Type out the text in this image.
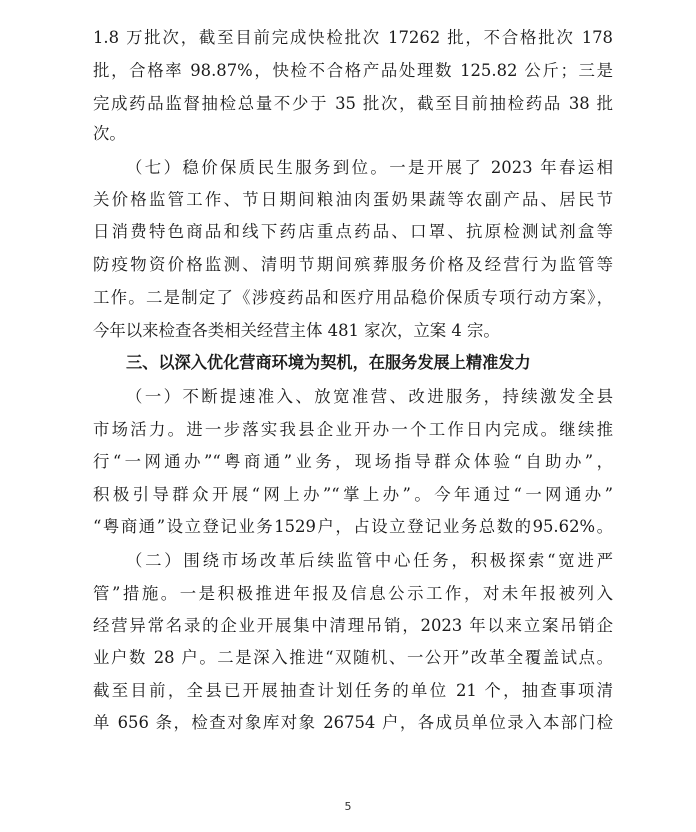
1.8 万批次，截至目前完成快检批次 17262 批，不合格批次 178
批，合格率 98.87%，快检不合格产品处理数 125.82 公斤；三是
完成药品监督抽检总量不少于 35 批次，截至目前抽检药品 38 批
次。
（七）稳价保质民生服务到位。一是开展了 2023 年春运相
关价格监管工作、节日期间粮油肉蛋奶果蔬等农副产品、居民节
日消费特色商品和线下药店重点药品、口罩、抗原检测试剂盒等
防疫物资价格监测、清明节期间殡葬服务价格及经营行为监管等
工作。二是制定了《涉疫药品和医疗用品稳价保质专项行动方案》，
今年以来检查各类相关经营主体 481 家次，立案 4 宗。
三、以深入优化营商环境为契机，在服务发展上精准发力
（一）不断提速准入、放宽准营、改进服务，持续激发全县
市场活力。进一步落实我县企业开办一个工作日内完成。继续推
行“一网通办”“粤商通”业务，现场指导群众体验“自助办”，
积极引导群众开展“网上办”“掌上办”。今年通过“一网通办”
“粤商通”设立登记业务1529户，占设立登记业务总数的95.62%。
（二）围绕市场改革后续监管中心任务，积极探索“宽进严
管”措施。一是积极推进年报及信息公示工作，对未年报被列入
经营异常名录的企业开展集中清理吊销，2023 年以来立案吊销企
业户数 28 户。二是深入推进“双随机、一公开”改革全覆盖试点。
截至目前，全县已开展抽查计划任务的单位 21 个，抽查事项清
单 656 条，检查对象库对象 26754 户，各成员单位录入本部门检
5
